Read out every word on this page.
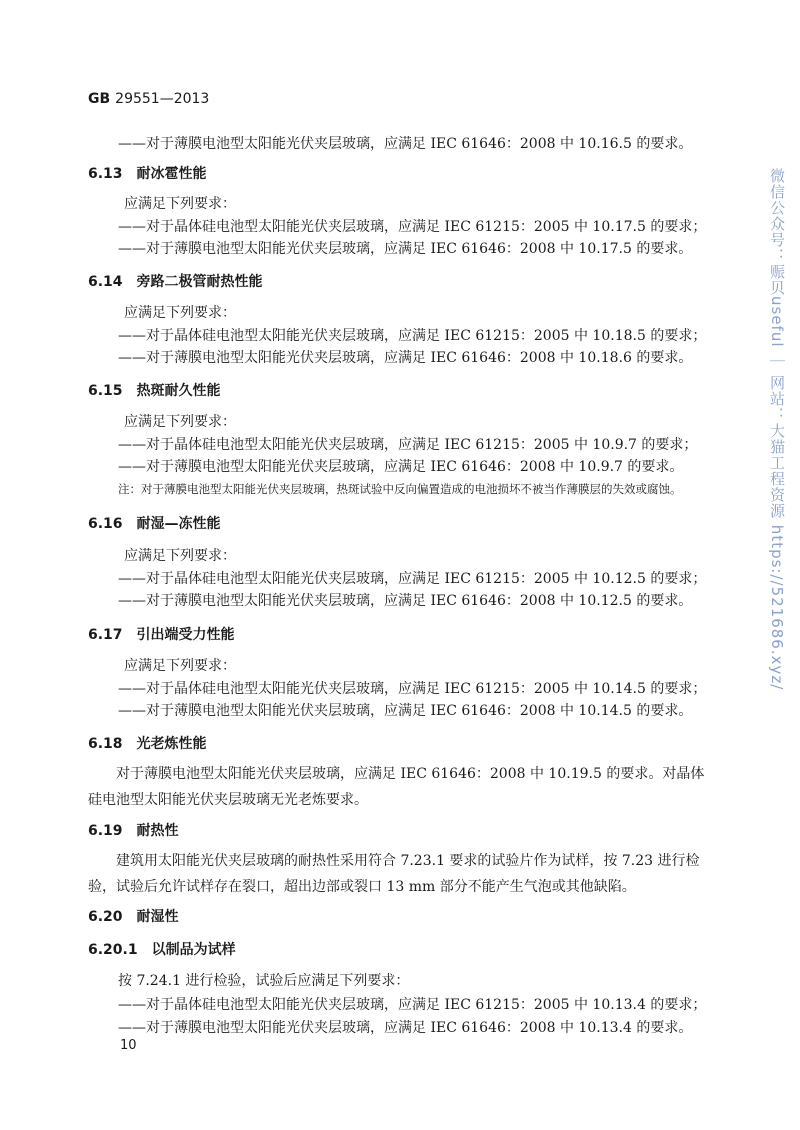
GB 29551—2013
——对于薄膜电池型太阳能光伏夹层玻璃，应满足 IEC 61646：2008 中 10.16.5 的要求。
6.13 耐冰雹性能
应满足下列要求：
——对于晶体硅电池型太阳能光伏夹层玻璃，应满足 IEC 61215：2005 中 10.17.5 的要求；
——对于薄膜电池型太阳能光伏夹层玻璃，应满足 IEC 61646：2008 中 10.17.5 的要求。
6.14 旁路二极管耐热性能
应满足下列要求：
——对于晶体硅电池型太阳能光伏夹层玻璃，应满足 IEC 61215：2005 中 10.18.5 的要求；
——对于薄膜电池型太阳能光伏夹层玻璃，应满足 IEC 61646：2008 中 10.18.6 的要求。
6.15 热斑耐久性能
应满足下列要求：
——对于晶体硅电池型太阳能光伏夹层玻璃，应满足 IEC 61215：2005 中 10.9.7 的要求；
——对于薄膜电池型太阳能光伏夹层玻璃，应满足 IEC 61646：2008 中 10.9.7 的要求。
注：对于薄膜电池型太阳能光伏夹层玻璃，热斑试验中反向偏置造成的电池损坏不被当作薄膜层的失效或腐蚀。
6.16 耐湿—冻性能
应满足下列要求：
——对于晶体硅电池型太阳能光伏夹层玻璃，应满足 IEC 61215：2005 中 10.12.5 的要求；
——对于薄膜电池型太阳能光伏夹层玻璃，应满足 IEC 61646：2008 中 10.12.5 的要求。
6.17 引出端受力性能
应满足下列要求：
——对于晶体硅电池型太阳能光伏夹层玻璃，应满足 IEC 61215：2005 中 10.14.5 的要求；
——对于薄膜电池型太阳能光伏夹层玻璃，应满足 IEC 61646：2008 中 10.14.5 的要求。
6.18 光老炼性能
对于薄膜电池型太阳能光伏夹层玻璃，应满足 IEC 61646：2008 中 10.19.5 的要求。对晶体硅电池型太阳能光伏夹层玻璃无光老炼要求。
6.19 耐热性
建筑用太阳能光伏夹层玻璃的耐热性采用符合 7.23.1 要求的试验片作为试样，按 7.23 进行检验，试验后允许试样存在裂口，超出边部或裂口 13 mm 部分不能产生气泡或其他缺陷。
6.20 耐湿性
6.20.1 以制品为试样
按 7.24.1 进行检验，试验后应满足下列要求：
——对于晶体硅电池型太阳能光伏夹层玻璃，应满足 IEC 61215：2005 中 10.13.4 的要求；
——对于薄膜电池型太阳能光伏夹层玻璃，应满足 IEC 61646：2008 中 10.13.4 的要求。
10
微信公众号：赈贝useful ｜ 网站：大猫工程资源 https://521686.xyz/
